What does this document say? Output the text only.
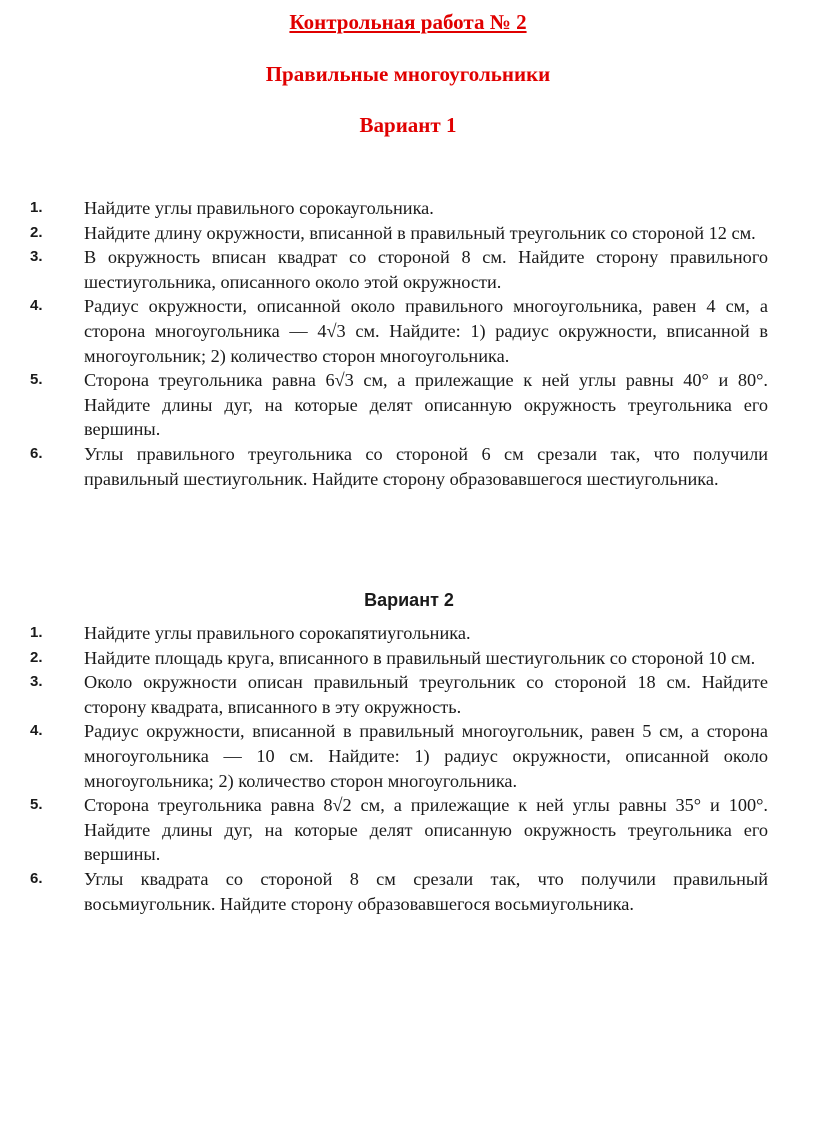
Контрольная работа № 2
Правильные многоугольники
Вариант 1
1. Найдите углы правильного сорокаугольника.
2. Найдите длину окружности, вписанной в правильный треугольник со стороной 12 см.
3. В окружность вписан квадрат со стороной 8 см. Найдите сторону правильного шестиугольника, описанного около этой окружности.
4. Радиус окружности, описанной около правильного многоугольника, равен 4 см, а сторона многоугольника — 4√3 см. Найдите: 1) радиус окружности, вписанной в многоугольник; 2) количество сторон многоугольника.
5. Сторона треугольника равна 6√3 см, а прилежащие к ней углы равны 40° и 80°. Найдите длины дуг, на которые делят описанную окружность треугольника его вершины.
6. Углы правильного треугольника со стороной 6 см срезали так, что получили правильный шестиугольник. Найдите сторону образовавшегося шестиугольника.
Вариант 2
1. Найдите углы правильного сорокапятиугольника.
2. Найдите площадь круга, вписанного в правильный шестиугольник со стороной 10 см.
3. Около окружности описан правильный треугольник со стороной 18 см. Найдите сторону квадрата, вписанного в эту окружность.
4. Радиус окружности, вписанной в правильный многоугольник, равен 5 см, а сторона многоугольника — 10 см. Найдите: 1) радиус окружности, описанной около многоугольника; 2) количество сторон многоугольника.
5. Сторона треугольника равна 8√2 см, а прилежащие к ней углы равны 35° и 100°. Найдите длины дуг, на которые делят описанную окружность треугольника его вершины.
6. Углы квадрата со стороной 8 см срезали так, что получили правильный восьмиугольник. Найдите сторону образовавшегося восьмиугольника.
